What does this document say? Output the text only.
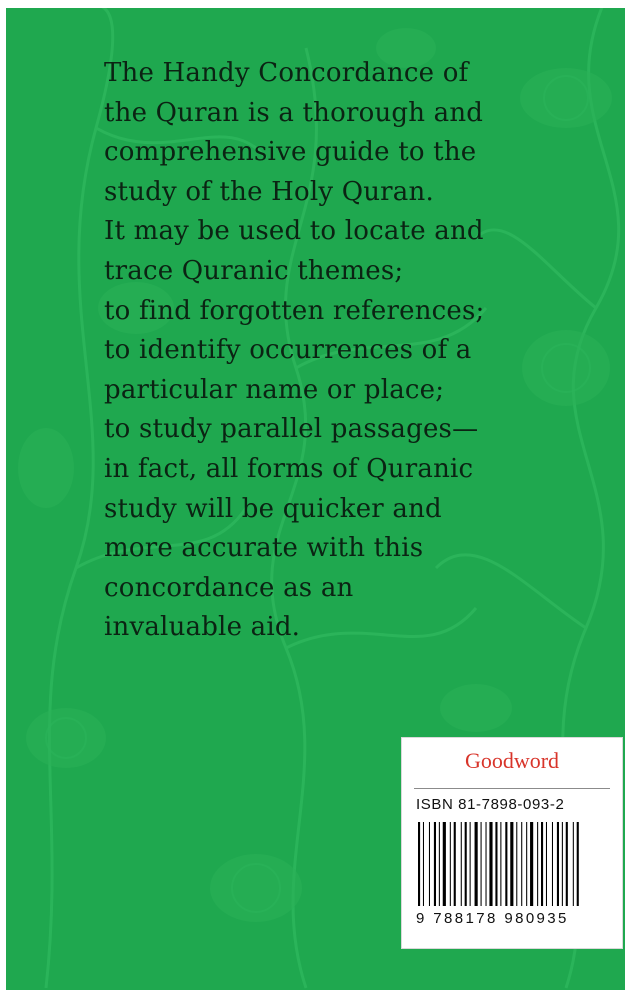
The Handy Concordance of
the Quran is a thorough and
comprehensive guide to the
study of the Holy Quran.
It may be used to locate and
trace Quranic themes;
to find forgotten references;
to identify occurrences of a
particular name or place;
to study parallel passages—
in fact, all forms of Quranic
study will be quicker and
more accurate with this
concordance as an
invaluable aid.
Goodword
ISBN 81-7898-093-2
9 788178 980935
